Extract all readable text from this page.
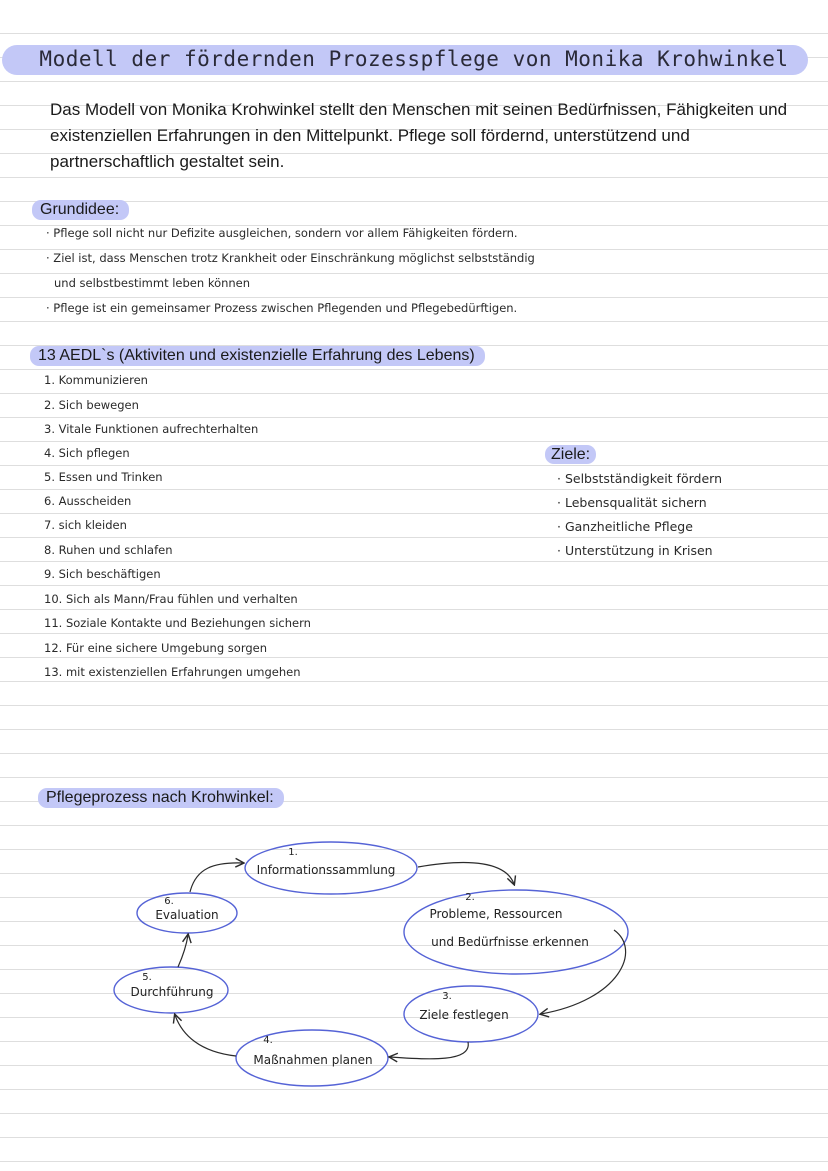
Modell der fördernden Prozesspflege von Monika Krohwinkel
Das Modell von Monika Krohwinkel stellt den Menschen mit seinen Bedürfnissen, Fähigkeiten und existenziellen Erfahrungen in den Mittelpunkt. Pflege soll fördernd, unterstützend und partnerschaftlich gestaltet sein.
Grundidee:
· Pflege soll nicht nur Defizite ausgleichen, sondern vor allem Fähigkeiten fördern.
· Ziel ist, dass Menschen trotz Krankheit oder Einschränkung möglichst selbstständig
und selbstbestimmt leben können
· Pflege ist ein gemeinsamer Prozess zwischen Pflegenden und Pflegebedürftigen.
13 AEDL`s (Aktiviten und existenzielle Erfahrung des Lebens)
1. Kommunizieren
2. Sich bewegen
3. Vitale Funktionen aufrechterhalten
4. Sich pflegen
5. Essen und Trinken
6. Ausscheiden
7. sich kleiden
8. Ruhen und schlafen
9. Sich beschäftigen
10. Sich als Mann/Frau fühlen und verhalten
11. Soziale Kontakte und Beziehungen sichern
12. Für eine sichere Umgebung sorgen
13. mit existenziellen Erfahrungen umgehen
Ziele:
· Selbstständigkeit fördern
· Lebensqualität sichern
· Ganzheitliche Pflege
· Unterstützung in Krisen
Pflegeprozess nach Krohwinkel:
1.
2.
3.
4.
5.
6.
Informationssammlung
Probleme, Ressourcen
und Bedürfnisse erkennen
Ziele festlegen
Maßnahmen planen
Durchführung
Evaluation
